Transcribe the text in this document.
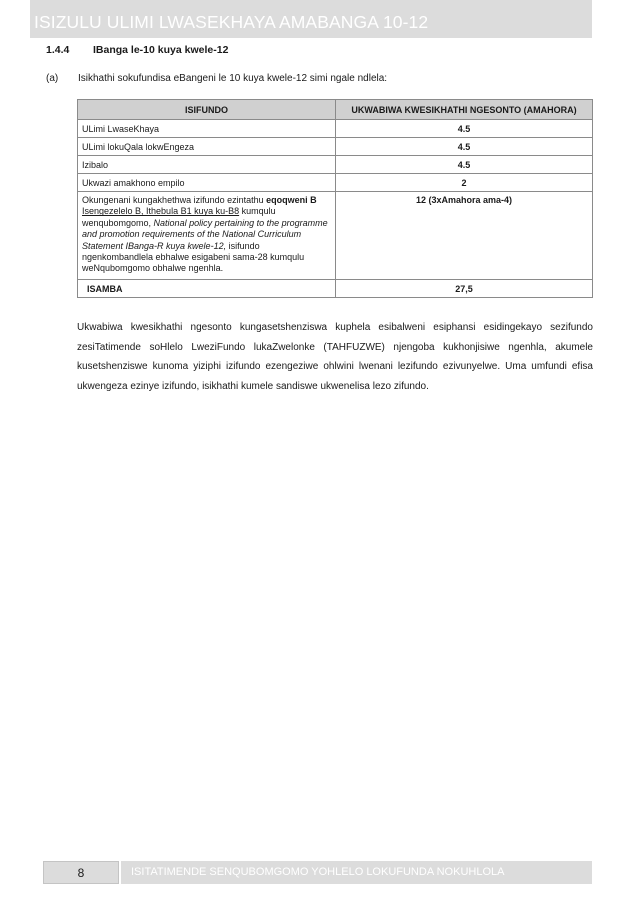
ISIZULU ULIMI LWASEKHAYA AMABANGA 10-12
1.4.4 IBanga le-10 kuya kwele-12
(a) Isikhathi sokufundisa eBangeni le 10 kuya kwele-12 simi ngale ndlela:
ISIFUNDO	UKWABIWA KWESIKHATHI NGESONTO (AMAHORA)
ULimi LwaseKhaya	4.5
ULimi lokuQala lokwEngeza	4.5
Izibalo	4.5
Ukwazi amakhono empilo	2
Okungenani kungakhethwa izifundo ezintathu eqoqweni B Isengezelelo B, Ithebula B1 kuya ku-B8 kumqulu wenqubomgomo, National policy pertaining to the programme and promotion requirements of the National Curriculum Statement IBanga-R kuya kwele-12, isifundo ngenkombandlela ebhalwe esigabeni sama-28 kumqulu weNqubomgomo obhalwe ngenhla.	12 (3xAmahora ama-4)
ISAMBA	27,5
Ukwabiwa kwesikhathi ngesonto kungasetshenziswa kuphela esibalweni esiphansi esidingekayo sezifundo zesiTatimende soHlelo LweziFundo lukaZwelonke (TAHFUZWE) njengoba kukhonjisiwe ngenhla, akumele kusetshenziswe kunoma yiziphi izifundo ezengeziwe ohlwini lwenani lezifundo ezivunyelwe. Uma umfundi efisa ukwengeza ezinye izifundo, isikhathi kumele sandiswe ukwenelisa lezo zifundo.
8	ISITATIMENDE SENQUBOMGOMO YOHLELO LOKUFUNDA NOKUHLOLA
